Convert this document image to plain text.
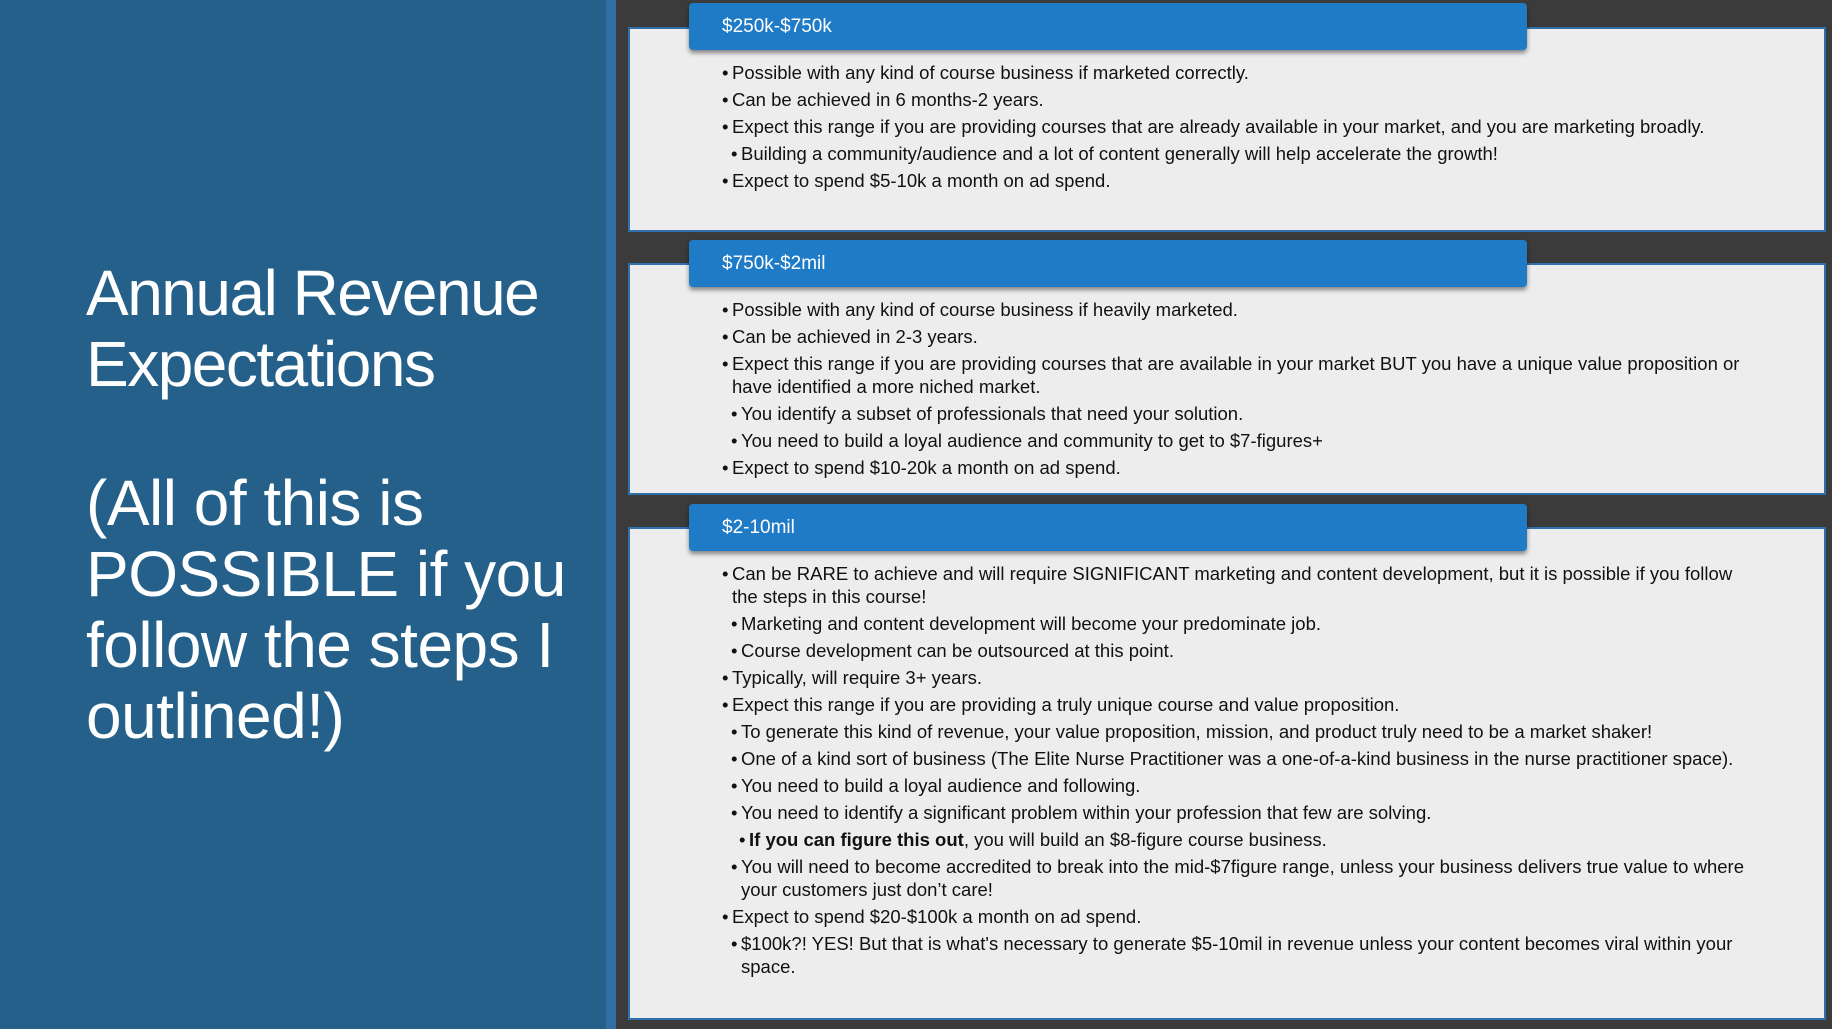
Annual Revenue Expectations
(All of this is POSSIBLE if you follow the steps I outlined!)
• Possible with any kind of course business if marketed correctly.
• Can be achieved in 6 months-2 years.
• Expect this range if you are providing courses that are already available in your market, and you are marketing broadly.
• Building a community/audience and a lot of content generally will help accelerate the growth!
• Expect to spend $5-10k a month on ad spend.
$250k-$750k
• Possible with any kind of course business if heavily marketed.
• Can be achieved in 2-3 years.
• Expect this range if you are providing courses that are available in your market BUT you have a unique value proposition or have identified a more niched market.
• You identify a subset of professionals that need your solution.
• You need to build a loyal audience and community to get to $7-figures+
• Expect to spend $10-20k a month on ad spend.
$750k-$2mil
• Can be RARE to achieve and will require SIGNIFICANT marketing and content development, but it is possible if you follow the steps in this course!
• Marketing and content development will become your predominate job.
• Course development can be outsourced at this point.
• Typically, will require 3+ years.
• Expect this range if you are providing a truly unique course and value proposition.
• To generate this kind of revenue, your value proposition, mission, and product truly need to be a market shaker!
• One of a kind sort of business (The Elite Nurse Practitioner was a one-of-a-kind business in the nurse practitioner space).
• You need to build a loyal audience and following.
• You need to identify a significant problem within your profession that few are solving.
• If you can figure this out, you will build an $8-figure course business.
• You will need to become accredited to break into the mid-$7figure range, unless your business delivers true value to where your customers just don’t care!
• Expect to spend $20-$100k a month on ad spend.
• $100k?! YES! But that is what's necessary to generate $5-10mil in revenue unless your content becomes viral within your space.
$2-10mil
